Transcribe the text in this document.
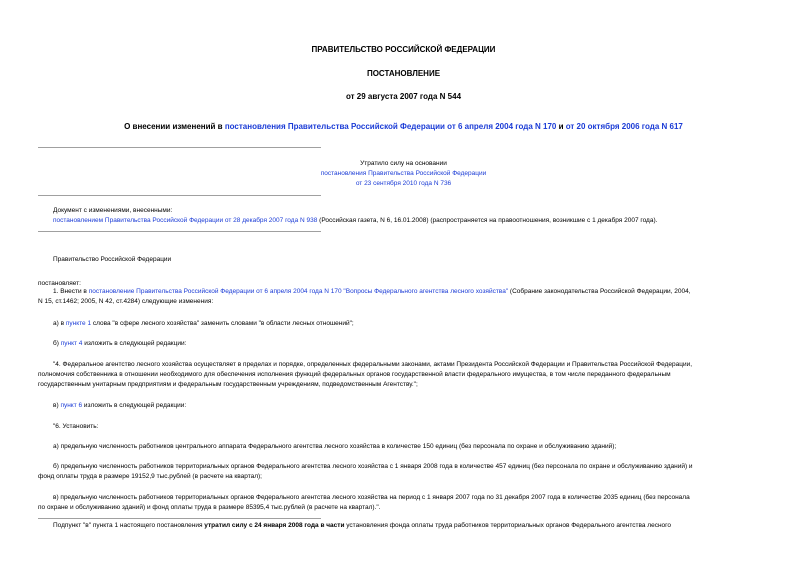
ПРАВИТЕЛЬСТВО РОССИЙСКОЙ ФЕДЕРАЦИИ
ПОСТАНОВЛЕНИЕ
от 29 августа 2007 года N 544
О внесении изменений в постановления Правительства Российской Федерации от 6 апреля 2004 года N 170 и от 20 октября 2006 года N 617
Утратило силу на основании
постановления Правительства Российской Федерации
от 23 сентября 2010 года N 736
Документ с изменениями, внесенными:
постановлением Правительства Российской Федерации от 28 декабря 2007 года N 938 (Российская газета, N 6, 16.01.2008) (распространяется на правоотношения, возникшие с 1 декабря 2007 года).
Правительство Российской Федерации
постановляет:
1. Внести в постановление Правительства Российской Федерации от 6 апреля 2004 года N 170 "Вопросы Федерального агентства лесного хозяйства" (Собрание законодательства Российской Федерации, 2004,
N 15, ст.1462; 2005, N 42, ст.4284) следующие изменения:
а) в пункте 1 слова "в сфере лесного хозяйства" заменить словами "в области лесных отношений";
б) пункт 4 изложить в следующей редакции:
"4. Федеральное агентство лесного хозяйства осуществляет в пределах и порядке, определенных федеральными законами, актами Президента Российской Федерации и Правительства Российской Федерации,
полномочия собственника в отношении необходимого для обеспечения исполнения функций федеральных органов государственной власти федерального имущества, в том числе переданного федеральным
государственным унитарным предприятиям и федеральным государственным учреждениям, подведомственным Агентству.";
в) пункт 6 изложить в следующей редакции:
"6. Установить:
а) предельную численность работников центрального аппарата Федерального агентства лесного хозяйства в количестве 150 единиц (без персонала по охране и обслуживанию зданий);
б) предельную численность работников территориальных органов Федерального агентства лесного хозяйства с 1 января 2008 года в количестве 457 единиц (без персонала по охране и обслуживанию зданий) и
фонд оплаты труда в размере 19152,9 тыс.рублей (в расчете на квартал);
в) предельную численность работников территориальных органов Федерального агентства лесного хозяйства на период с 1 января 2007 года по 31 декабря 2007 года в количестве 2035 единиц (без персонала
по охране и обслуживанию зданий) и фонд оплаты труда в размере 85395,4 тыс.рублей (в расчете на квартал).".
Подпункт "в" пункта 1 настоящего постановления утратил силу с 24 января 2008 года в части установления фонда оплаты труда работников территориальных органов Федерального агентства лесного
